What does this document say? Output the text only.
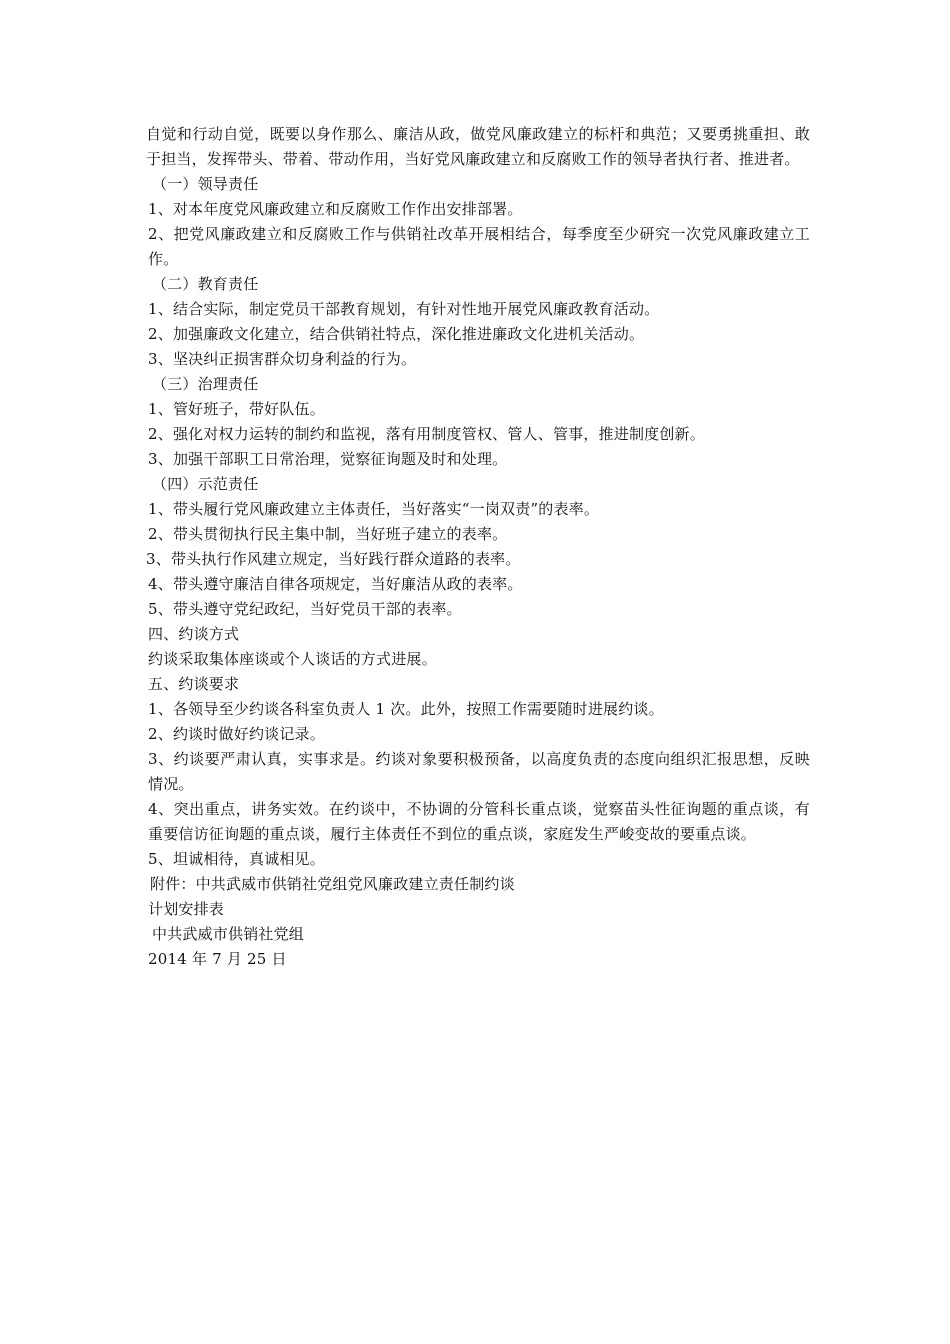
自觉和行动自觉，既要以身作那么、廉洁从政，做党风廉政建立的标杆和典范；又要勇挑重担、敢于担当，发挥带头、带着、带动作用，当好党风廉政建立和反腐败工作的领导者执行者、推进者。

（一）领导责任

1、对本年度党风廉政建立和反腐败工作作出安排部署。

2、把党风廉政建立和反腐败工作与供销社改革开展相结合，每季度至少研究一次党风廉政建立工作。

（二）教育责任

1、结合实际，制定党员干部教育规划，有针对性地开展党风廉政教育活动。

2、加强廉政文化建立，结合供销社特点，深化推进廉政文化进机关活动。

3、坚决纠正损害群众切身利益的行为。

（三）治理责任

1、管好班子，带好队伍。

2、强化对权力运转的制约和监视，落有用制度管权、管人、管事，推进制度创新。

3、加强干部职工日常治理，觉察征询题及时和处理。

（四）示范责任

1、带头履行党风廉政建立主体责任，当好落实“一岗双责”的表率。

2、带头贯彻执行民主集中制，当好班子建立的表率。

3、带头执行作风建立规定，当好践行群众道路的表率。

4、带头遵守廉洁自律各项规定，当好廉洁从政的表率。

5、带头遵守党纪政纪，当好党员干部的表率。

四、约谈方式

约谈采取集体座谈或个人谈话的方式进展。

五、约谈要求

1、各领导至少约谈各科室负责人 1 次。此外，按照工作需要随时进展约谈。

2、约谈时做好约谈记录。

3、约谈要严肃认真，实事求是。约谈对象要积极预备，以高度负责的态度向组织汇报思想，反映情况。

4、突出重点，讲务实效。在约谈中，不协调的分管科长重点谈，觉察苗头性征询题的重点谈，有重要信访征询题的重点谈，履行主体责任不到位的重点谈，家庭发生严峻变故的要重点谈。

5、坦诚相待，真诚相见。

附件：中共武威市供销社党组党风廉政建立责任制约谈

计划安排表

中共武威市供销社党组

2014 年 7 月 25 日
